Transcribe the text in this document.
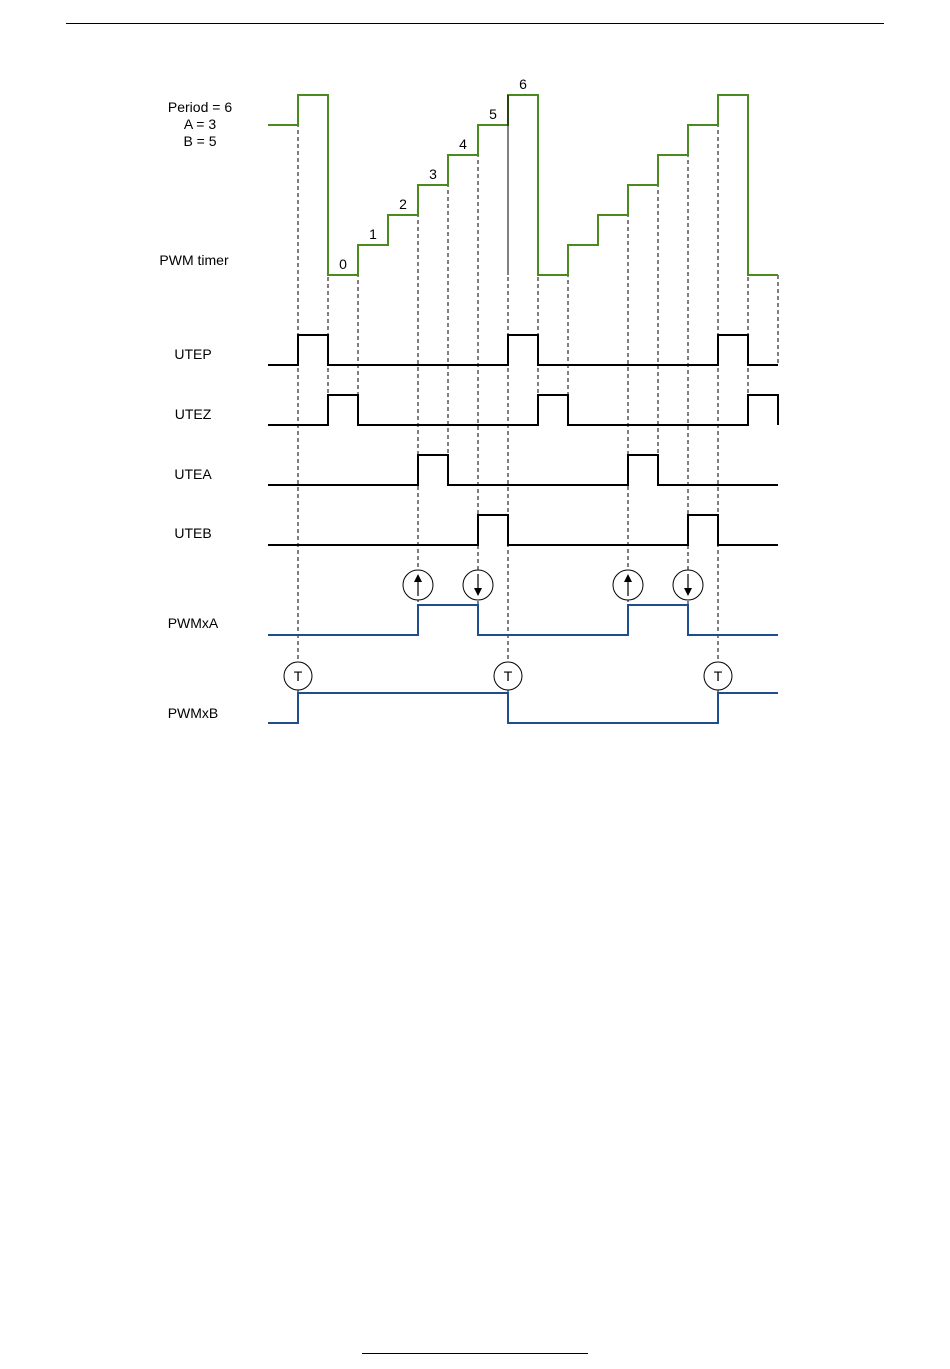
T	T	T
Period = 6
A = 3
B = 5
PWM timer
UTEP
UTEZ
UTEA
UTEB
PWMxA
PWMxB
0
1
2
3
4
5
6
